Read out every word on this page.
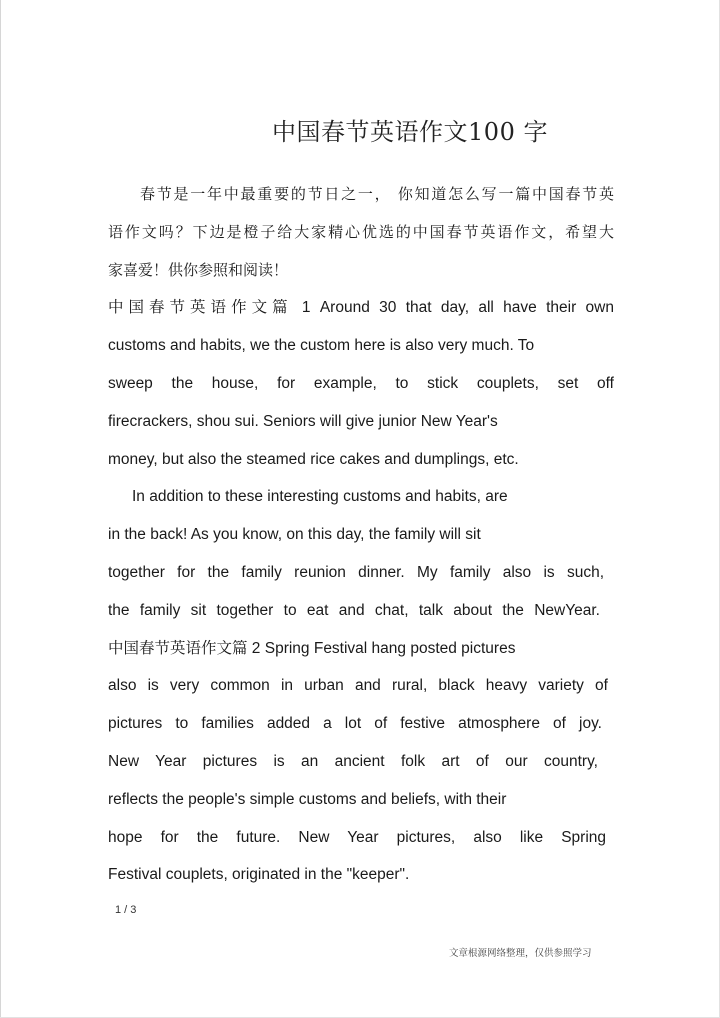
中国春节英语作文100 字
春节是一年中最重要的节日之一， 你知道怎么写一篇中国春节英
语作文吗？下边是橙子给大家精心优选的中国春节英语作文，希望大
家喜爱！供你参照和阅读！
中国春节英语作文篇 1 Around 30 that day, all have their own
customs and habits, we the custom here is also very much. To
sweep the house, for example, to stick couplets, set off
firecrackers, shou sui. Seniors will give junior New Year's
money, but also the steamed rice cakes and dumplings, etc.
In addition to these interesting customs and habits, are
in the back! As you know, on this day, the family will sit
together for the family reunion dinner. My family also is such,
the family sit together to eat and chat, talk about the NewYear.
中国春节英语作文篇 2 Spring Festival hang posted pictures
also is very common in urban and rural, black heavy variety of
pictures to families added a lot of festive atmosphere of joy.
New Year pictures is an ancient folk art of our country,
reflects the people's simple customs and beliefs, with their
hope for the future. New Year pictures, also like Spring
Festival couplets, originated in the "keeper".
1 / 3
文章根源网络整理，仅供参照学习
